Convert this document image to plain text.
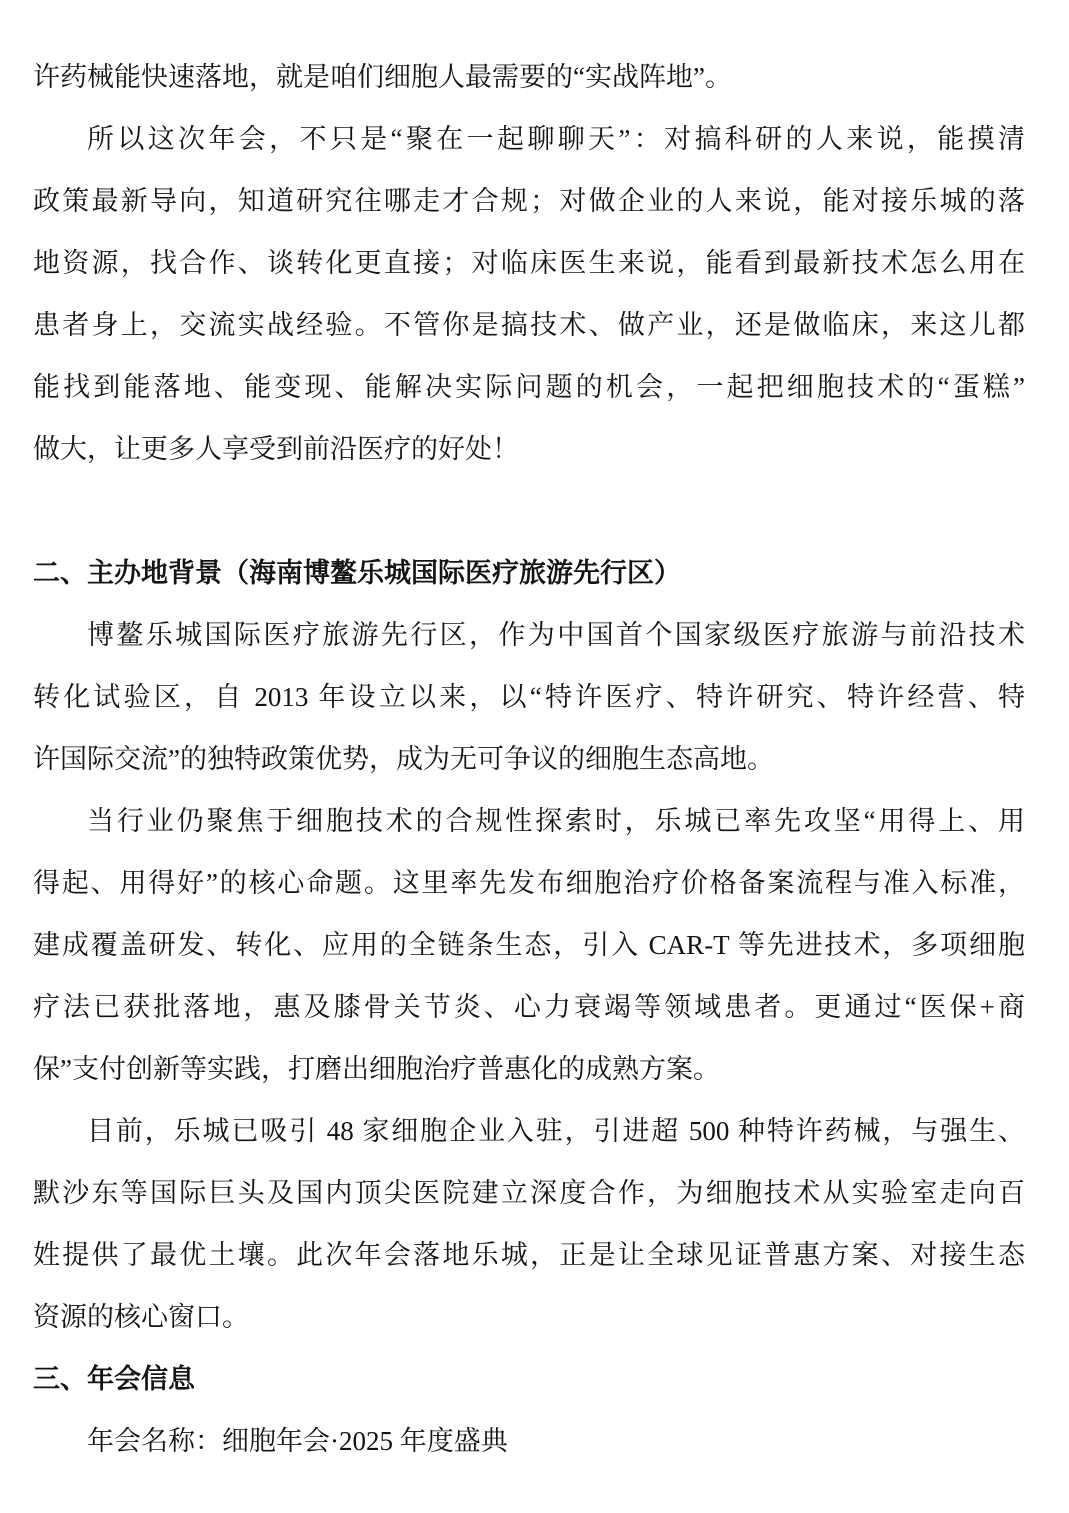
许药械能快速落地，就是咱们细胞人最需要的“实战阵地”。
所以这次年会，不只是“聚在一起聊聊天”：对搞科研的人来说，能摸清
政策最新导向，知道研究往哪走才合规；对做企业的人来说，能对接乐城的落
地资源，找合作、谈转化更直接；对临床医生来说，能看到最新技术怎么用在
患者身上，交流实战经验。不管你是搞技术、做产业，还是做临床，来这儿都
能找到能落地、能变现、能解决实际问题的机会，一起把细胞技术的“蛋糕”
做大，让更多人享受到前沿医疗的好处！
二、主办地背景（海南博鳌乐城国际医疗旅游先行区）
博鳌乐城国际医疗旅游先行区，作为中国首个国家级医疗旅游与前沿技术
转化试验区，自 2013 年设立以来，以“特许医疗、特许研究、特许经营、特
许国际交流”的独特政策优势，成为无可争议的细胞生态高地。
当行业仍聚焦于细胞技术的合规性探索时，乐城已率先攻坚“用得上、用
得起、用得好”的核心命题。这里率先发布细胞治疗价格备案流程与准入标准，
建成覆盖研发、转化、应用的全链条生态，引入 CAR-T 等先进技术，多项细胞
疗法已获批落地，惠及膝骨关节炎、心力衰竭等领域患者。更通过“医保+商
保”支付创新等实践，打磨出细胞治疗普惠化的成熟方案。
目前，乐城已吸引 48 家细胞企业入驻，引进超 500 种特许药械，与强生、
默沙东等国际巨头及国内顶尖医院建立深度合作，为细胞技术从实验室走向百
姓提供了最优土壤。此次年会落地乐城，正是让全球见证普惠方案、对接生态
资源的核心窗口。
三、年会信息
年会名称：细胞年会·2025 年度盛典
